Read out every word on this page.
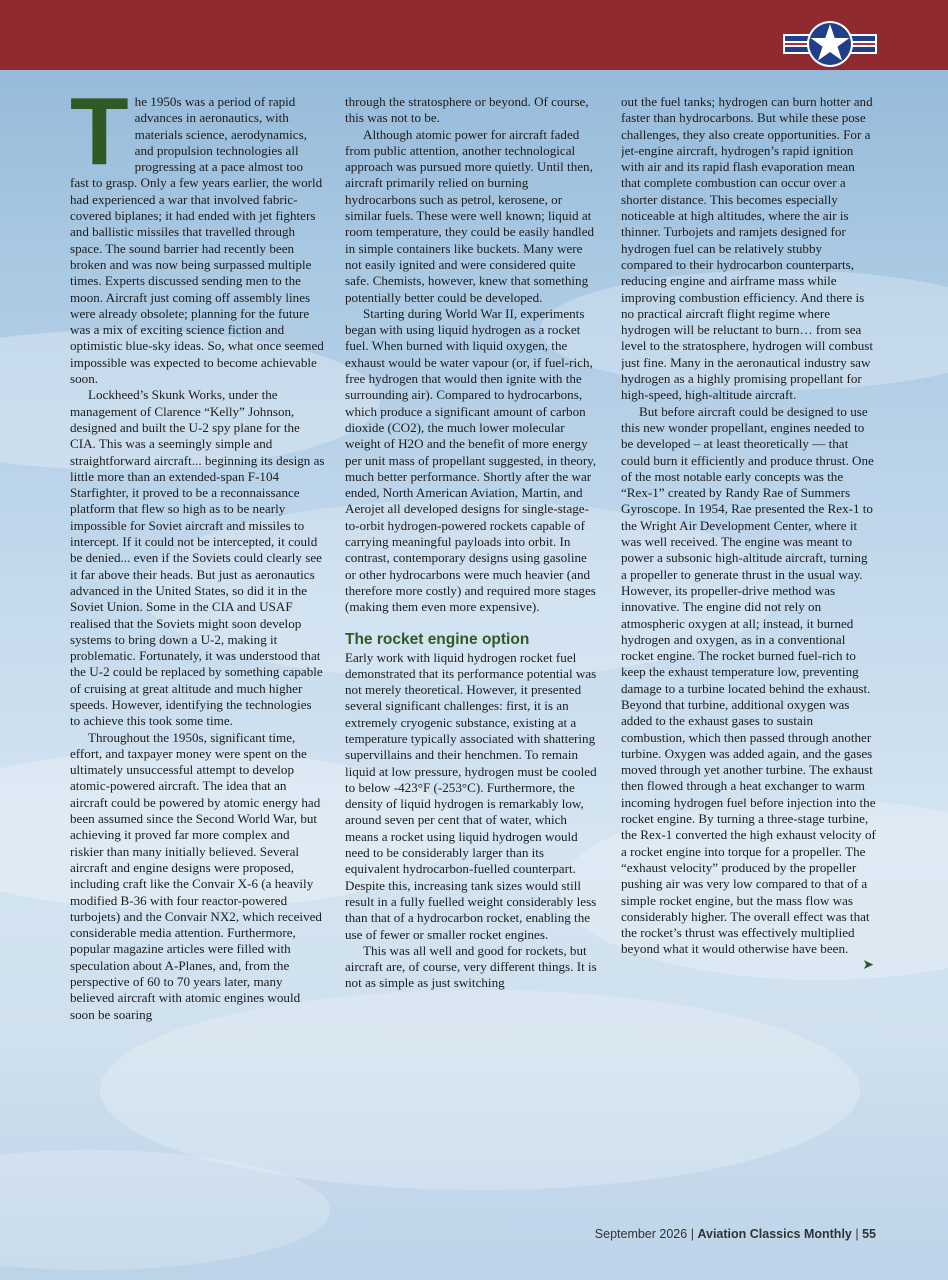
T he 1950s was a period of rapid advances in aeronautics, with materials science, aerodynamics, and propulsion technologies all progressing at a pace almost too fast to grasp. Only a few years earlier, the world had experienced a war that involved fabric-covered biplanes; it had ended with jet fighters and ballistic missiles that travelled through space. The sound barrier had recently been broken and was now being surpassed multiple times. Experts discussed sending men to the moon. Aircraft just coming off assembly lines were already obsolete; planning for the future was a mix of exciting science fiction and optimistic blue-sky ideas. So, what once seemed impossible was expected to become achievable soon.

Lockheed’s Skunk Works, under the management of Clarence “Kelly” Johnson, designed and built the U-2 spy plane for the CIA. This was a seemingly simple and straightforward aircraft... beginning its design as little more than an extended-span F-104 Starfighter, it proved to be a reconnaissance platform that flew so high as to be nearly impossible for Soviet aircraft and missiles to intercept. If it could not be intercepted, it could be denied... even if the Soviets could clearly see it far above their heads. But just as aeronautics advanced in the United States, so did it in the Soviet Union. Some in the CIA and USAF realised that the Soviets might soon develop systems to bring down a U-2, making it problematic. Fortunately, it was understood that the U-2 could be replaced by something capable of cruising at great altitude and much higher speeds. However, identifying the technologies to achieve this took some time.

Throughout the 1950s, significant time, effort, and taxpayer money were spent on the ultimately unsuccessful attempt to develop atomic-powered aircraft. The idea that an aircraft could be powered by atomic energy had been assumed since the Second World War, but achieving it proved far more complex and riskier than many initially believed. Several aircraft and engine designs were proposed, including craft like the Convair X-6 (a heavily modified B-36 with four reactor-powered turbojets) and the Convair NX2, which received considerable media attention. Furthermore, popular magazine articles were filled with speculation about A-Planes, and, from the perspective of 60 to 70 years later, many believed aircraft with atomic engines would soon be soaring

through the stratosphere or beyond. Of course, this was not to be.

Although atomic power for aircraft faded from public attention, another technological approach was pursued more quietly. Until then, aircraft primarily relied on burning hydrocarbons such as petrol, kerosene, or similar fuels. These were well known; liquid at room temperature, they could be easily handled in simple containers like buckets. Many were not easily ignited and were considered quite safe. Chemists, however, knew that something potentially better could be developed.

Starting during World War II, experiments began with using liquid hydrogen as a rocket fuel. When burned with liquid oxygen, the exhaust would be water vapour (or, if fuel-rich, free hydrogen that would then ignite with the surrounding air). Compared to hydrocarbons, which produce a significant amount of carbon dioxide (CO2), the much lower molecular weight of H2O and the benefit of more energy per unit mass of propellant suggested, in theory, much better performance. Shortly after the war ended, North American Aviation, Martin, and Aerojet all developed designs for single-stage-to-orbit hydrogen-powered rockets capable of carrying meaningful payloads into orbit. In contrast, contemporary designs using gasoline or other hydrocarbons were much heavier (and therefore more costly) and required more stages (making them even more expensive).

The rocket engine option

Early work with liquid hydrogen rocket fuel demonstrated that its performance potential was not merely theoretical. However, it presented several significant challenges: first, it is an extremely cryogenic substance, existing at a temperature typically associated with shattering supervillains and their henchmen. To remain liquid at low pressure, hydrogen must be cooled to below -423°F (-253°C). Furthermore, the density of liquid hydrogen is remarkably low, around seven per cent that of water, which means a rocket using liquid hydrogen would need to be considerably larger than its equivalent hydrocarbon-fuelled counterpart. Despite this, increasing tank sizes would still result in a fully fuelled weight considerably less than that of a hydrocarbon rocket, enabling the use of fewer or smaller rocket engines.

This was all well and good for rockets, but aircraft are, of course, very different things. It is not as simple as just switching

out the fuel tanks; hydrogen can burn hotter and faster than hydrocarbons. But while these pose challenges, they also create opportunities. For a jet-engine aircraft, hydrogen’s rapid ignition with air and its rapid flash evaporation mean that complete combustion can occur over a shorter distance. This becomes especially noticeable at high altitudes, where the air is thinner. Turbojets and ramjets designed for hydrogen fuel can be relatively stubby compared to their hydrocarbon counterparts, reducing engine and airframe mass while improving combustion efficiency. And there is no practical aircraft flight regime where hydrogen will be reluctant to burn… from sea level to the stratosphere, hydrogen will combust just fine. Many in the aeronautical industry saw hydrogen as a highly promising propellant for high-speed, high-altitude aircraft.

But before aircraft could be designed to use this new wonder propellant, engines needed to be developed – at least theoretically — that could burn it efficiently and produce thrust. One of the most notable early concepts was the “Rex-1” created by Randy Rae of Summers Gyroscope. In 1954, Rae presented the Rex-1 to the Wright Air Development Center, where it was well received. The engine was meant to power a subsonic high-altitude aircraft, turning a propeller to generate thrust in the usual way. However, its propeller-drive method was innovative. The engine did not rely on atmospheric oxygen at all; instead, it burned hydrogen and oxygen, as in a conventional rocket engine. The rocket burned fuel-rich to keep the exhaust temperature low, preventing damage to a turbine located behind the exhaust. Beyond that turbine, additional oxygen was added to the exhaust gases to sustain combustion, which then passed through another turbine. Oxygen was added again, and the gases moved through yet another turbine. The exhaust then flowed through a heat exchanger to warm incoming hydrogen fuel before injection into the rocket engine. By turning a three-stage turbine, the Rex-1 converted the high exhaust velocity of a rocket engine into torque for a propeller. The “exhaust velocity” produced by the propeller pushing air was very low compared to that of a simple rocket engine, but the mass flow was considerably higher. The overall effect was that the rocket’s thrust was effectively multiplied beyond what it would otherwise have been.
➤

September 2026 | Aviation Classics Monthly | 55
